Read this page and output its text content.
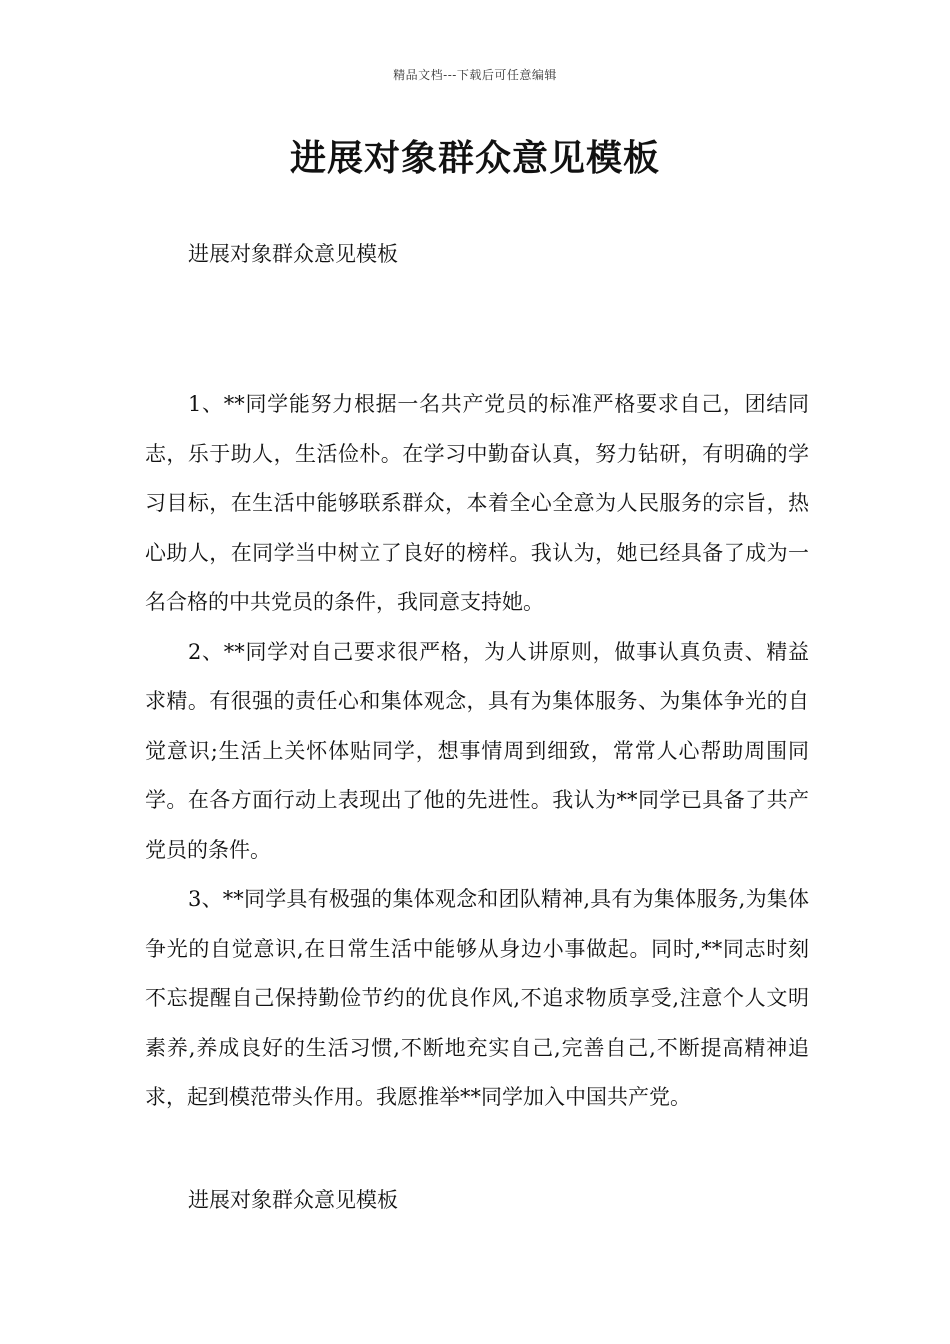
精品文档---下载后可任意编辑
进展对象群众意见模板
进展对象群众意见模板

1、**同学能努力根据一名共产党员的标准严格要求自己，团结同志，乐于助人，生活俭朴。在学习中勤奋认真，努力钻研，有明确的学习目标，在生活中能够联系群众，本着全心全意为人民服务的宗旨，热心助人，在同学当中树立了良好的榜样。我认为，她已经具备了成为一名合格的中共党员的条件，我同意支持她。

2、**同学对自己要求很严格，为人讲原则，做事认真负责、精益求精。有很强的责任心和集体观念，具有为集体服务、为集体争光的自觉意识;生活上关怀体贴同学，想事情周到细致，常常人心帮助周围同学。在各方面行动上表现出了他的先进性。我认为**同学已具备了共产党员的条件。

3、**同学具有极强的集体观念和团队精神,具有为集体服务,为集体争光的自觉意识,在日常生活中能够从身边小事做起。同时,**同志时刻不忘提醒自己保持勤俭节约的优良作风,不追求物质享受,注意个人文明素养,养成良好的生活习惯,不断地充实自己,完善自己,不断提高精神追求，起到模范带头作用。我愿推举**同学加入中国共产党。

进展对象群众意见模板
